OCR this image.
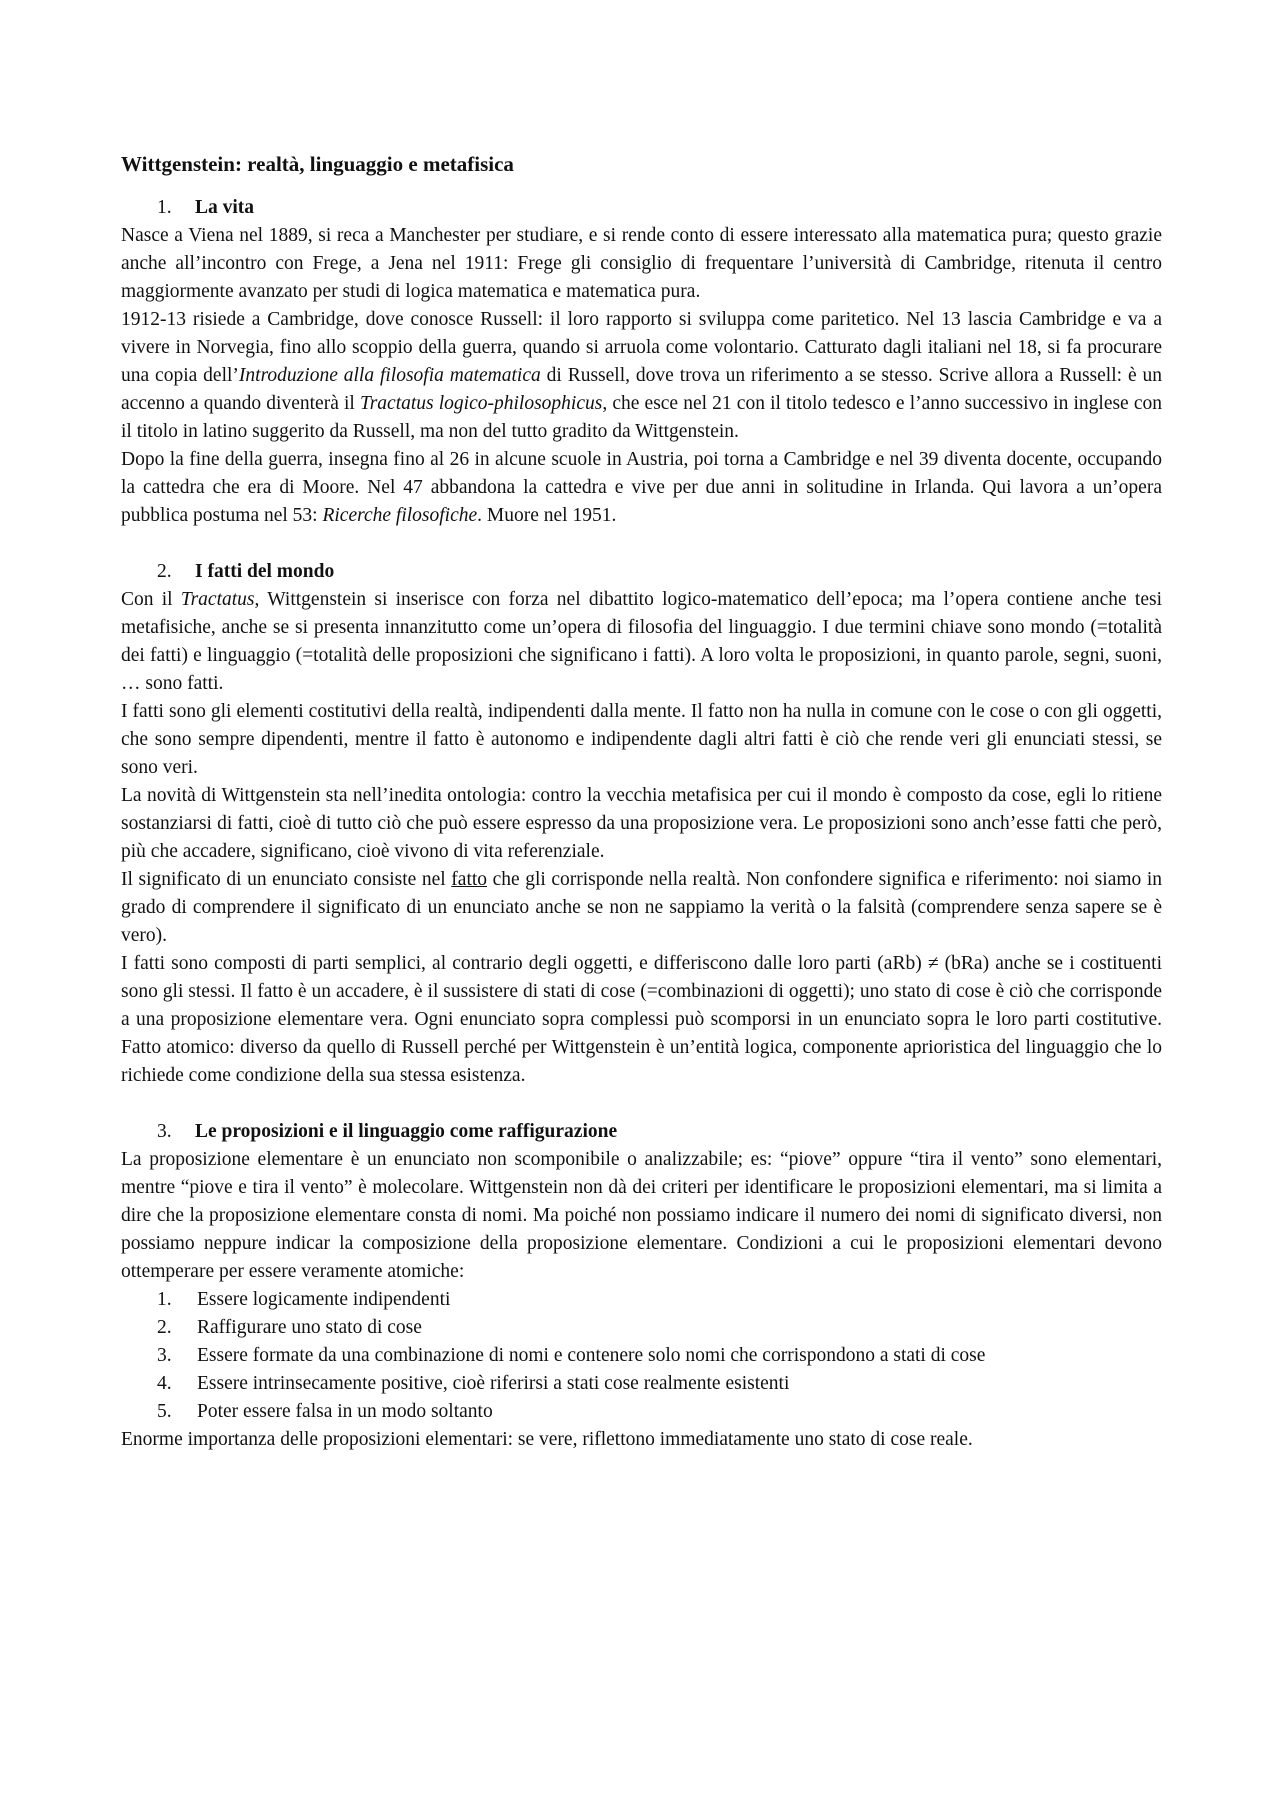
Wittgenstein: realtà, linguaggio e metafisica
1.	La vita

Nasce a Viena nel 1889, si reca a Manchester per studiare, e si rende conto di essere interessato alla matematica pura; questo grazie anche all’incontro con Frege, a Jena nel 1911: Frege gli consiglio di frequentare l’università di Cambridge, ritenuta il centro maggiormente avanzato per studi di logica matematica e matematica pura.

1912-13 risiede a Cambridge, dove conosce Russell: il loro rapporto si sviluppa come paritetico. Nel 13 lascia Cambridge e va a vivere in Norvegia, fino allo scoppio della guerra, quando si arruola come volontario. Catturato dagli italiani nel 18, si fa procurare una copia dell’Introduzione alla filosofia matematica di Russell, dove trova un riferimento a se stesso. Scrive allora a Russell: è un accenno a quando diventerà il Tractatus logico-philosophicus, che esce nel 21 con il titolo tedesco e l’anno successivo in inglese con il titolo in latino suggerito da Russell, ma non del tutto gradito da Wittgenstein.

Dopo la fine della guerra, insegna fino al 26 in alcune scuole in Austria, poi torna a Cambridge e nel 39 diventa docente, occupando la cattedra che era di Moore. Nel 47 abbandona la cattedra e vive per due anni in solitudine in Irlanda. Qui lavora a un’opera pubblica postuma nel 53: Ricerche filosofiche. Muore nel 1951.

2.	I fatti del mondo

Con il Tractatus, Wittgenstein si inserisce con forza nel dibattito logico-matematico dell’epoca; ma l’opera contiene anche tesi metafisiche, anche se si presenta innanzitutto come un’opera di filosofia del linguaggio. I due termini chiave sono mondo (=totalità dei fatti) e linguaggio (=totalità delle proposizioni che significano i fatti). A loro volta le proposizioni, in quanto parole, segni, suoni, … sono fatti.

I fatti sono gli elementi costitutivi della realtà, indipendenti dalla mente. Il fatto non ha nulla in comune con le cose o con gli oggetti, che sono sempre dipendenti, mentre il fatto è autonomo e indipendente dagli altri fatti è ciò che rende veri gli enunciati stessi, se sono veri.

La novità di Wittgenstein sta nell’inedita ontologia: contro la vecchia metafisica per cui il mondo è composto da cose, egli lo ritiene sostanziarsi di fatti, cioè di tutto ciò che può essere espresso da una proposizione vera. Le proposizioni sono anch’esse fatti che però, più che accadere, significano, cioè vivono di vita referenziale.

Il significato di un enunciato consiste nel fatto che gli corrisponde nella realtà. Non confondere significa e riferimento: noi siamo in grado di comprendere il significato di un enunciato anche se non ne sappiamo la verità o la falsità (comprendere senza sapere se è vero).

I fatti sono composti di parti semplici, al contrario degli oggetti, e differiscono dalle loro parti (aRb) ≠ (bRa) anche se i costituenti sono gli stessi. Il fatto è un accadere, è il sussistere di stati di cose (=combinazioni di oggetti); uno stato di cose è ciò che corrisponde a una proposizione elementare vera. Ogni enunciato sopra complessi può scomporsi in un enunciato sopra le loro parti costitutive. Fatto atomico: diverso da quello di Russell perché per Wittgenstein è un’entità logica, componente aprioristica del linguaggio che lo richiede come condizione della sua stessa esistenza.

3.	Le proposizioni e il linguaggio come raffigurazione

La proposizione elementare è un enunciato non scomponibile o analizzabile; es: “piove” oppure “tira il vento” sono elementari, mentre “piove e tira il vento” è molecolare. Wittgenstein non dà dei criteri per identificare le proposizioni elementari, ma si limita a dire che la proposizione elementare consta di nomi. Ma poiché non possiamo indicare il numero dei nomi di significato diversi, non possiamo neppure indicar la composizione della proposizione elementare. Condizioni a cui le proposizioni elementari devono ottemperare per essere veramente atomiche:

1.	Essere logicamente indipendenti
2.	Raffigurare uno stato di cose
3.	Essere formate da una combinazione di nomi e contenere solo nomi che corrispondono a stati di cose
4.	Essere intrinsecamente positive, cioè riferirsi a stati cose realmente esistenti
5.	Poter essere falsa in un modo soltanto

Enorme importanza delle proposizioni elementari: se vere, riflettono immediatamente uno stato di cose reale.
